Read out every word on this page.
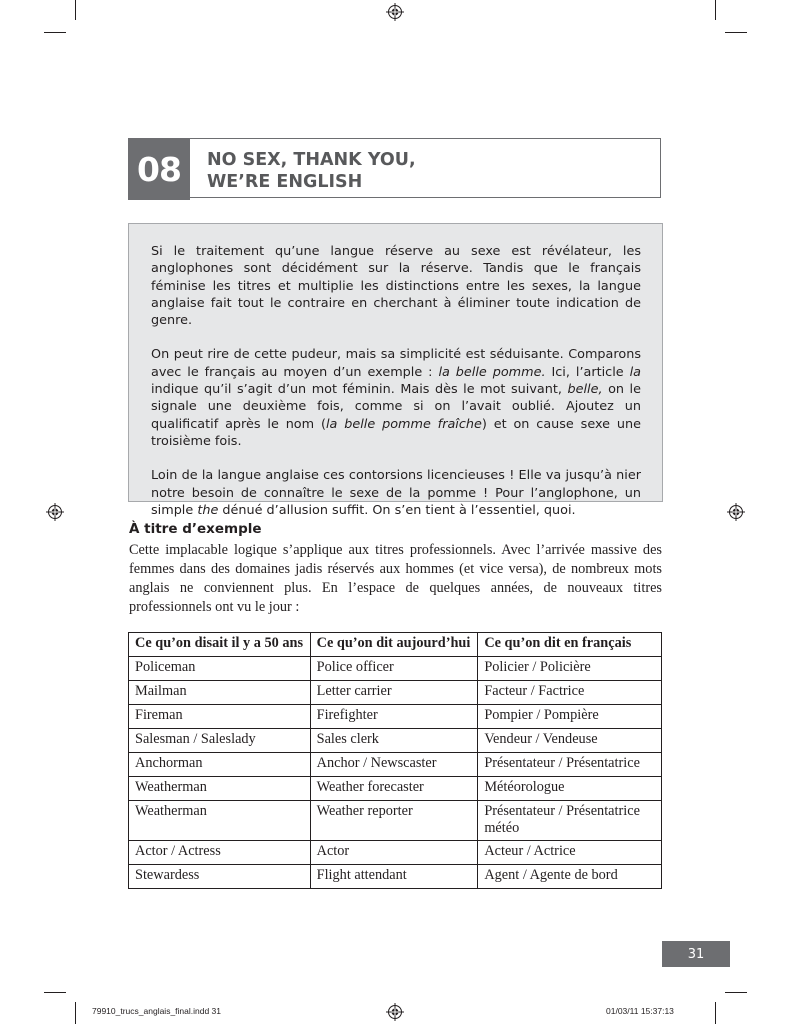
08	NO SEX, THANK YOU,
WE’RE ENGLISH

Si le traitement qu’une langue réserve au sexe est révélateur, les anglophones sont décidément sur la réserve. Tandis que le français féminise les titres et multiplie les distinctions entre les sexes, la langue anglaise fait tout le contraire en cherchant à éliminer toute indication de genre.

On peut rire de cette pudeur, mais sa simplicité est séduisante. Comparons avec le français au moyen d’un exemple : la belle pomme. Ici, l’article la indique qu’il s’agit d’un mot féminin. Mais dès le mot suivant, belle, on le signale une deuxième fois, comme si on l’avait oublié. Ajoutez un qualificatif après le nom (la belle pomme fraîche) et on cause sexe une troisième fois.

Loin de la langue anglaise ces contorsions licencieuses ! Elle va jusqu’à nier notre besoin de connaître le sexe de la pomme ! Pour l’anglophone, un simple the dénué d’allusion suffit. On s’en tient à l’essentiel, quoi.

À titre d’exemple
Cette implacable logique s’applique aux titres professionnels. Avec l’arrivée massive des femmes dans des domaines jadis réservés aux hommes (et vice versa), de nombreux mots anglais ne conviennent plus. En l’espace de quelques années, de nouveaux titres professionnels ont vu le jour :
Ce qu’on disait il y a 50 ans	Ce qu’on dit aujourd’hui	Ce qu’on dit en français
Policeman	Police officer	Policier / Policière
Mailman	Letter carrier	Facteur / Factrice
Fireman	Firefighter	Pompier / Pompière
Salesman / Saleslady	Sales clerk	Vendeur / Vendeuse
Anchorman	Anchor / Newscaster	Présentateur / Présentatrice
Weatherman	Weather forecaster	Météorologue
Weatherman	Weather reporter	Présentateur / Présentatrice météo
Actor / Actress	Actor	Acteur / Actrice
Stewardess	Flight attendant	Agent / Agente de bord
31
79910_trucs_anglais_final.indd 31	01/03/11 15:37:13
